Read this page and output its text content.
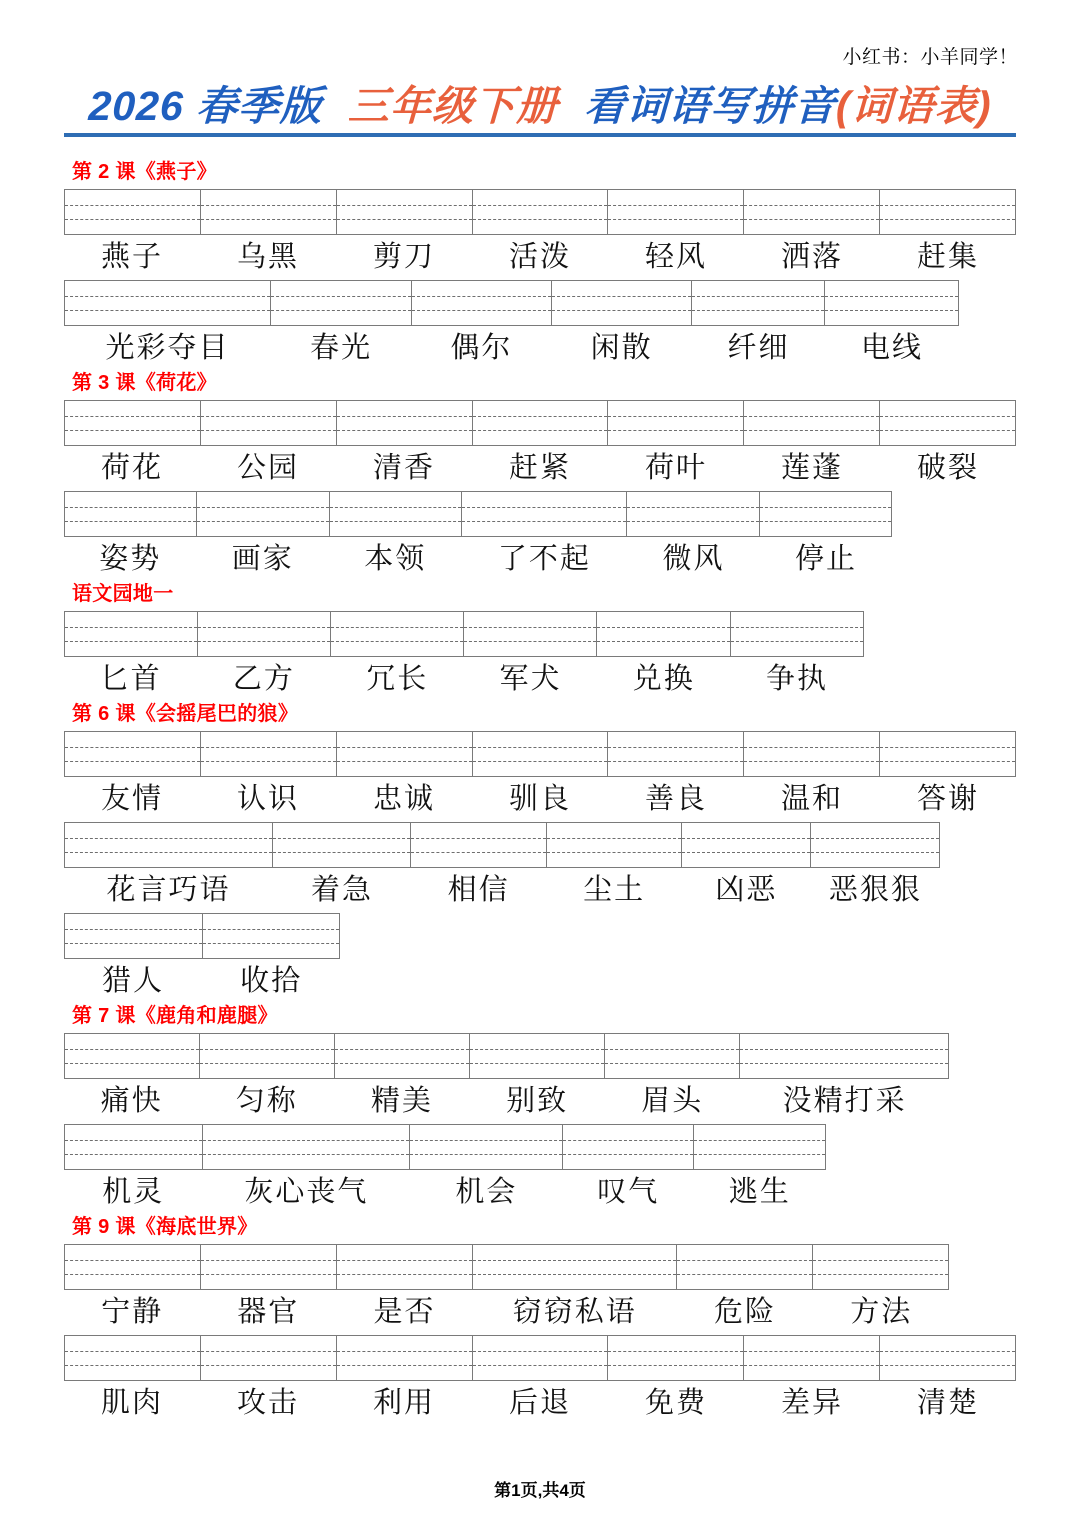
小红书：小羊同学！
2026 春季版 三年级下册 看词语写拼音(词语表)
第 2 课《燕子》
燕子	乌黑	剪刀	活泼	轻风	洒落	赶集
光彩夺目	春光	偶尔	闲散	纤细	电线
第 3 课《荷花》
荷花	公园	清香	赶紧	荷叶	莲蓬	破裂
姿势	画家	本领	了不起	微风	停止
语文园地一
匕首	乙方	冗长	军犬	兑换	争执
第 6 课《会摇尾巴的狼》
友情	认识	忠诚	驯良	善良	温和	答谢
花言巧语	着急	相信	尘土	凶恶	恶狠狠
猎人	收拾
第 7 课《鹿角和鹿腿》
痛快	匀称	精美	别致	眉头	没精打采
机灵	灰心丧气	机会	叹气	逃生
第 9 课《海底世界》
宁静	器官	是否	窃窃私语	危险	方法
肌肉	攻击	利用	后退	免费	差异	清楚
第1页,共4页
